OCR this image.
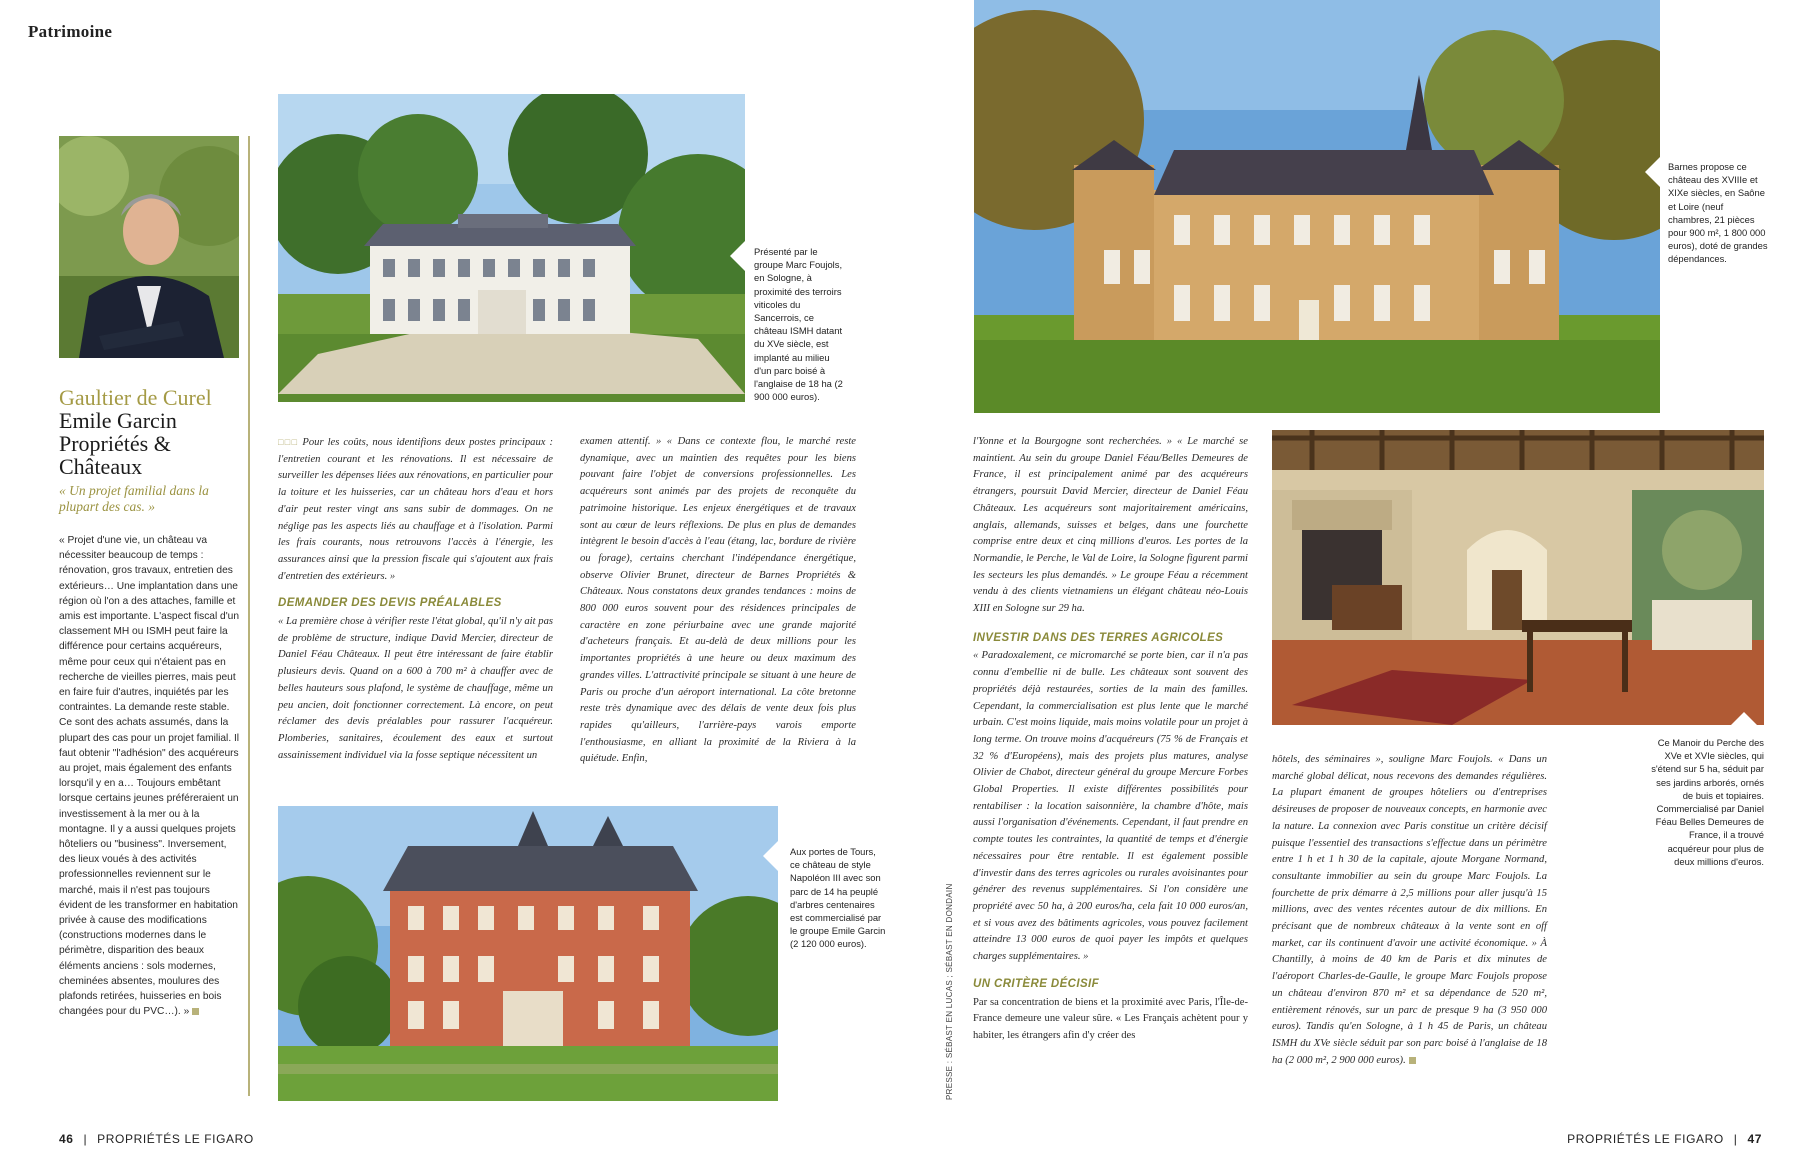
Patrimoine
Gaultier de Curel
Emile Garcin
Propriétés &
Châteaux
« Un projet familial dans la plupart des cas. »
« Projet d'une vie, un château va nécessiter beaucoup de temps : rénovation, gros travaux, entretien des extérieurs… Une implantation dans une région où l'on a des attaches, famille et amis est importante. L'aspect fiscal d'un classement MH ou ISMH peut faire la différence pour certains acquéreurs, même pour ceux qui n'étaient pas en recherche de vieilles pierres, mais peut en faire fuir d'autres, inquiétés par les contraintes. La demande reste stable. Ce sont des achats assumés, dans la plupart des cas pour un projet familial. Il faut obtenir "l'adhésion" des acquéreurs au projet, mais également des enfants lorsqu'il y en a… Toujours embêtant lorsque certains jeunes préféreraient un investissement à la mer ou à la montagne. Il y a aussi quelques projets hôteliers ou "business". Inversement, des lieux voués à des activités professionnelles reviennent sur le marché, mais il n'est pas toujours évident de les transformer en habitation privée à cause des modifications (constructions modernes dans le périmètre, disparition des beaux éléments anciens : sols modernes, cheminées absentes, moulures des plafonds retirées, huisseries en bois changées pour du PVC…). »
Présenté par le groupe Marc Foujols, en Sologne, à proximité des terroirs viticoles du Sancerrois, ce château ISMH datant du XVe siècle, est implanté au milieu d'un parc boisé à l'anglaise de 18 ha (2 900 000 euros).

□□□ Pour les coûts, nous identifions deux postes principaux : l'entretien courant et les rénovations. Il est nécessaire de surveiller les dépenses liées aux rénovations, en particulier pour la toiture et les huisseries, car un château hors d'eau et hors d'air peut rester vingt ans sans subir de dommages. On ne néglige pas les aspects liés au chauffage et à l'isolation. Parmi les frais courants, nous retrouvons l'accès à l'énergie, les assurances ainsi que la pression fiscale qui s'ajoutent aux frais d'entretien des extérieurs. »

DEMANDER DES DEVIS PRÉALABLES

« La première chose à vérifier reste l'état global, qu'il n'y ait pas de problème de structure, indique David Mercier, directeur de Daniel Féau Châteaux. Il peut être intéressant de faire établir plusieurs devis. Quand on a 600 à 700 m² à chauffer avec de belles hauteurs sous plafond, le système de chauffage, même un peu ancien, doit fonctionner correctement. Là encore, on peut réclamer des devis préalables pour rassurer l'acquéreur. Plomberies, sanitaires, écoulement des eaux et surtout assainissement individuel via la fosse septique nécessitent un

examen attentif. » « Dans ce contexte flou, le marché reste dynamique, avec un maintien des requêtes pour les biens pouvant faire l'objet de conversions professionnelles. Les acquéreurs sont animés par des projets de reconquête du patrimoine historique. Les enjeux énergétiques et de travaux sont au cœur de leurs réflexions. De plus en plus de demandes intègrent le besoin d'accès à l'eau (étang, lac, bordure de rivière ou forage), certains cherchant l'indépendance énergétique, observe Olivier Brunet, directeur de Barnes Propriétés & Châteaux. Nous constatons deux grandes tendances : moins de 800 000 euros souvent pour des résidences principales de caractère en zone périurbaine avec une grande majorité d'acheteurs français. Et au-delà de deux millions pour les importantes propriétés à une heure ou deux maximum des grandes villes. L'attractivité principale se situant à une heure de Paris ou proche d'un aéroport international. La côte bretonne reste très dynamique avec des délais de vente deux fois plus rapides qu'ailleurs, l'arrière-pays varois emporte l'enthousiasme, en alliant la proximité de la Riviera à la quiétude. Enfin,
Aux portes de Tours, ce château de style Napoléon III avec son parc de 14 ha peuplé d'arbres centenaires est commercialisé par le groupe Emile Garcin (2 120 000 euros).	PRESSE : SÉBAST EN LUCAS ; SÉBAST EN DONDAIN
Barnes propose ce château des XVIIIe et XIXe siècles, en Saône et Loire (neuf chambres, 21 pièces pour 900 m², 1 800 000 euros), doté de grandes dépendances.

l'Yonne et la Bourgogne sont recherchées. » « Le marché se maintient. Au sein du groupe Daniel Féau/Belles Demeures de France, il est principalement animé par des acquéreurs étrangers, poursuit David Mercier, directeur de Daniel Féau Châteaux. Les acquéreurs sont majoritairement américains, anglais, allemands, suisses et belges, dans une fourchette comprise entre deux et cinq millions d'euros. Les portes de la Normandie, le Perche, le Val de Loire, la Sologne figurent parmi les secteurs les plus demandés. » Le groupe Féau a récemment vendu à des clients vietnamiens un élégant château néo-Louis XIII en Sologne sur 29 ha.

INVESTIR DANS DES TERRES AGRICOLES

« Paradoxalement, ce micromarché se porte bien, car il n'a pas connu d'embellie ni de bulle. Les châteaux sont souvent des propriétés déjà restaurées, sorties de la main des familles. Cependant, la commercialisation est plus lente que le marché urbain. C'est moins liquide, mais moins volatile pour un projet à long terme. On trouve moins d'acquéreurs (75 % de Français et 32 % d'Européens), mais des projets plus matures, analyse Olivier de Chabot, directeur général du groupe Mercure Forbes Global Properties. Il existe différentes possibilités pour rentabiliser : la location saisonnière, la chambre d'hôte, mais aussi l'organisation d'événements. Cependant, il faut prendre en compte toutes les contraintes, la quantité de temps et d'énergie nécessaires pour être rentable. Il est également possible d'investir dans des terres agricoles ou rurales avoisinantes pour générer des revenus supplémentaires. Si l'on considère une propriété avec 50 ha, à 200 euros/ha, cela fait 10 000 euros/an, et si vous avez des bâtiments agricoles, vous pouvez facilement atteindre 13 000 euros de quoi payer les impôts et quelques charges supplémentaires. »

UN CRITÈRE DÉCISIF

Par sa concentration de biens et la proximité avec Paris, l'Île-de-France demeure une valeur sûre. « Les Français achètent pour y habiter, les étrangers afin d'y créer des

Ce Manoir du Perche des XVe et XVIe siècles, qui s'étend sur 5 ha, séduit par ses jardins arborés, ornés de buis et topiaires. Commercialisé par Daniel Féau Belles Demeures de France, il a trouvé acquéreur pour plus de deux millions d'euros.
hôtels, des séminaires », souligne Marc Foujols. « Dans un marché global délicat, nous recevons des demandes régulières. La plupart émanent de groupes hôteliers ou d'entreprises désireuses de proposer de nouveaux concepts, en harmonie avec la nature. La connexion avec Paris constitue un critère décisif puisque l'essentiel des transactions s'effectue dans un périmètre entre 1 h et 1 h 30 de la capitale, ajoute Morgane Normand, consultante immobilier au sein du groupe Marc Foujols. La fourchette de prix démarre à 2,5 millions pour aller jusqu'à 15 millions, avec des ventes récentes autour de dix millions. En précisant que de nombreux châteaux à la vente sont en off market, car ils continuent d'avoir une activité économique. » À Chantilly, à moins de 40 km de Paris et dix minutes de l'aéroport Charles-de-Gaulle, le groupe Marc Foujols propose un château d'environ 870 m² et sa dépendance de 520 m², entièrement rénovés, sur un parc de presque 9 ha (3 950 000 euros). Tandis qu'en Sologne, à 1 h 45 de Paris, un château ISMH du XVe siècle séduit par son parc boisé à l'anglaise de 18 ha (2 000 m², 2 900 000 euros).
46 | PROPRIÉTÉS LE FIGARO	PROPRIÉTÉS LE FIGARO | 47
